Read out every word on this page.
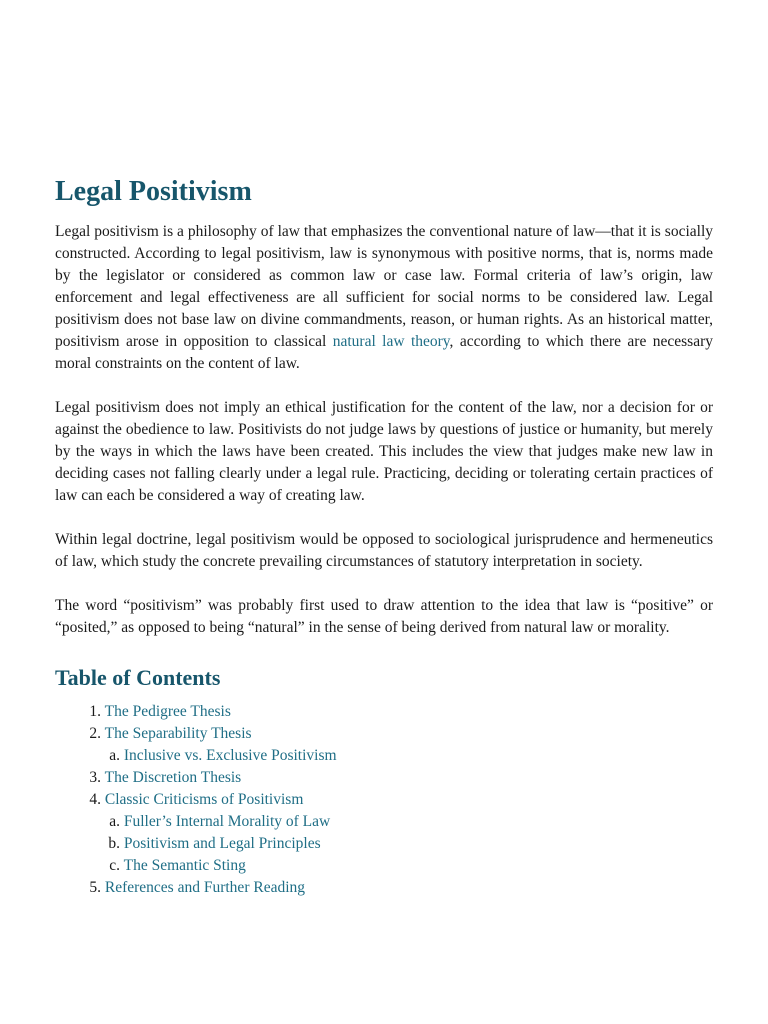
Legal Positivism

Legal positivism is a philosophy of law that emphasizes the conventional nature of law—that it is socially constructed. According to legal positivism, law is synonymous with positive norms, that is, norms made by the legislator or considered as common law or case law. Formal criteria of law’s origin, law enforcement and legal effectiveness are all sufficient for social norms to be considered law. Legal positivism does not base law on divine commandments, reason, or human rights. As an historical matter, positivism arose in opposition to classical natural law theory, according to which there are necessary moral constraints on the content of law.

Legal positivism does not imply an ethical justification for the content of the law, nor a decision for or against the obedience to law. Positivists do not judge laws by questions of justice or humanity, but merely by the ways in which the laws have been created. This includes the view that judges make new law in deciding cases not falling clearly under a legal rule. Practicing, deciding or tolerating certain practices of law can each be considered a way of creating law.

Within legal doctrine, legal positivism would be opposed to sociological jurisprudence and hermeneutics of law, which study the concrete prevailing circumstances of statutory interpretation in society.

The word “positivism” was probably first used to draw attention to the idea that law is “positive” or “posited,” as opposed to being “natural” in the sense of being derived from natural law or morality.

Table of Contents
1. The Pedigree Thesis
2. The Separability Thesis
a. Inclusive vs. Exclusive Positivism
3. The Discretion Thesis
4. Classic Criticisms of Positivism
a. Fuller’s Internal Morality of Law
b. Positivism and Legal Principles
c. The Semantic Sting
5. References and Further Reading
